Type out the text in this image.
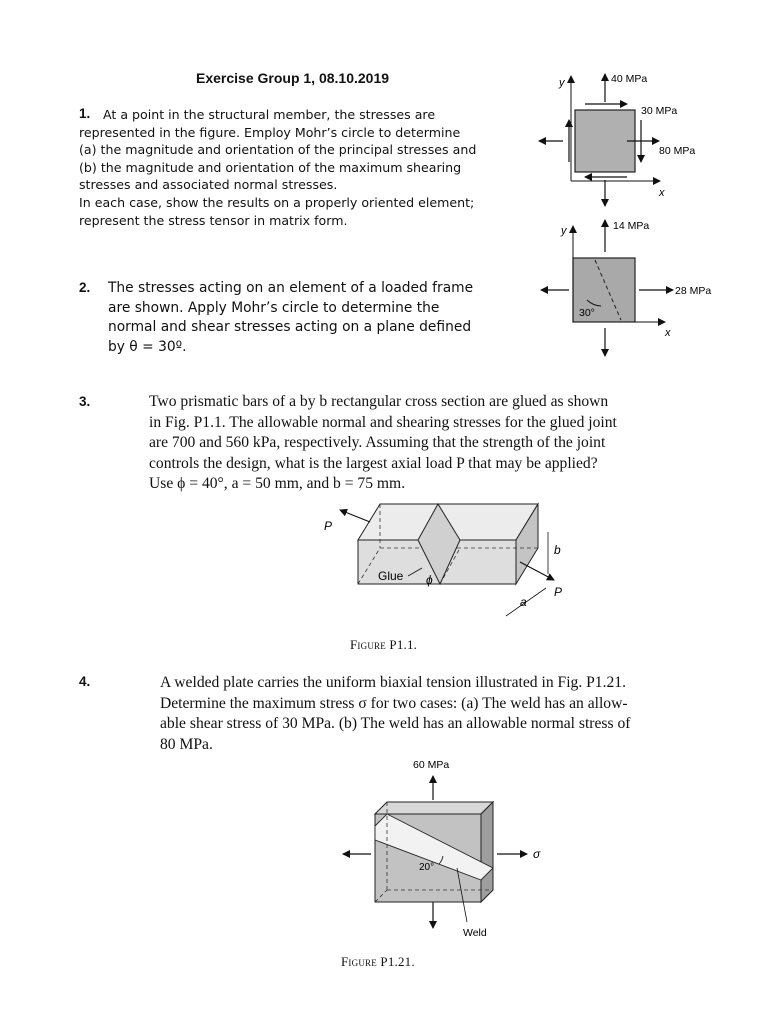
Exercise Group 1, 08.10.2019
1.	At a point in the structural member, the stresses are
represented in the figure. Employ Mohr’s circle to determine
(a) the magnitude and orientation of the principal stresses and
(b) the magnitude and orientation of the maximum shearing
stresses and associated normal stresses.
In each case, show the results on a properly oriented element;
represent the stress tensor in matrix form.
y
x
40 MPa
80 MPa
30 MPa
2. The stresses acting on an element of a loaded frame
are shown. Apply Mohr’s circle to determine the
normal and shear stresses acting on a plane defined
by θ = 30º.
y
x
14 MPa
28 MPa
30°
3.	Two prismatic bars of a by b rectangular cross section are glued as shown
in Fig. P1.1. The allowable normal and shearing stresses for the glued joint
are 700 and 560 kPa, respectively. Assuming that the strength of the joint
controls the design, what is the largest axial load P that may be applied?
Use ϕ = 40°, a = 50 mm, and b = 75 mm.
P
P
Glue ϕ
b
a
Figure P1.1.
4.	A welded plate carries the uniform biaxial tension illustrated in Fig. P1.21.
Determine the maximum stress σ for two cases: (a) The weld has an allow-
able shear stress of 30 MPa. (b) The weld has an allowable normal stress of
80 MPa.
60 MPa
σ
20°
Weld
Figure P1.21.
